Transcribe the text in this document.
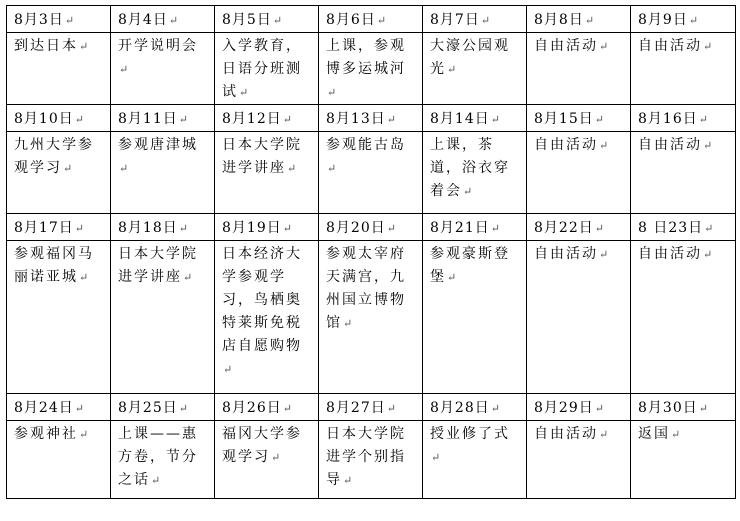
8月3日↵	8月4日↵	8月5日↵	8月6日↵	8月7日↵	8月8日↵	8月9日↵
到达日本↵	开学说明会↵	入学教育，日语分班测试↵	上课，参观博多运城河↵	大濠公园观光↵	自由活动↵	自由活动↵
8月10日↵	8月11日↵	8月12日↵	8月13日↵	8月14日↵	8月15日↵	8月16日↵
九州大学参观学习↵	参观唐津城↵	日本大学院进学讲座↵	参观能古岛↵	上课，茶道，浴衣穿着会↵	自由活动↵	自由活动↵
8月17日↵	8月18日↵	8月19日↵	8月20日↵	8月21日↵	8月22日↵	8 日23日↵
参观福冈马丽诺亚城↵	日本大学院进学讲座↵	日本经济大学参观学习，鸟栖奥特莱斯免税店自愿购物↵	参观太宰府天满宫，九州国立博物馆↵	参观豪斯登堡↵	自由活动↵	自由活动↵
8月24日↵	8月25日↵	8月26日↵	8月27日↵	8月28日↵	8月29日↵	8月30日↵
参观神社↵	上课——惠方卷，节分之话↵	福冈大学参观学习↵	日本大学院进学个别指导↵	授业修了式↵	自由活动↵	返国↵
